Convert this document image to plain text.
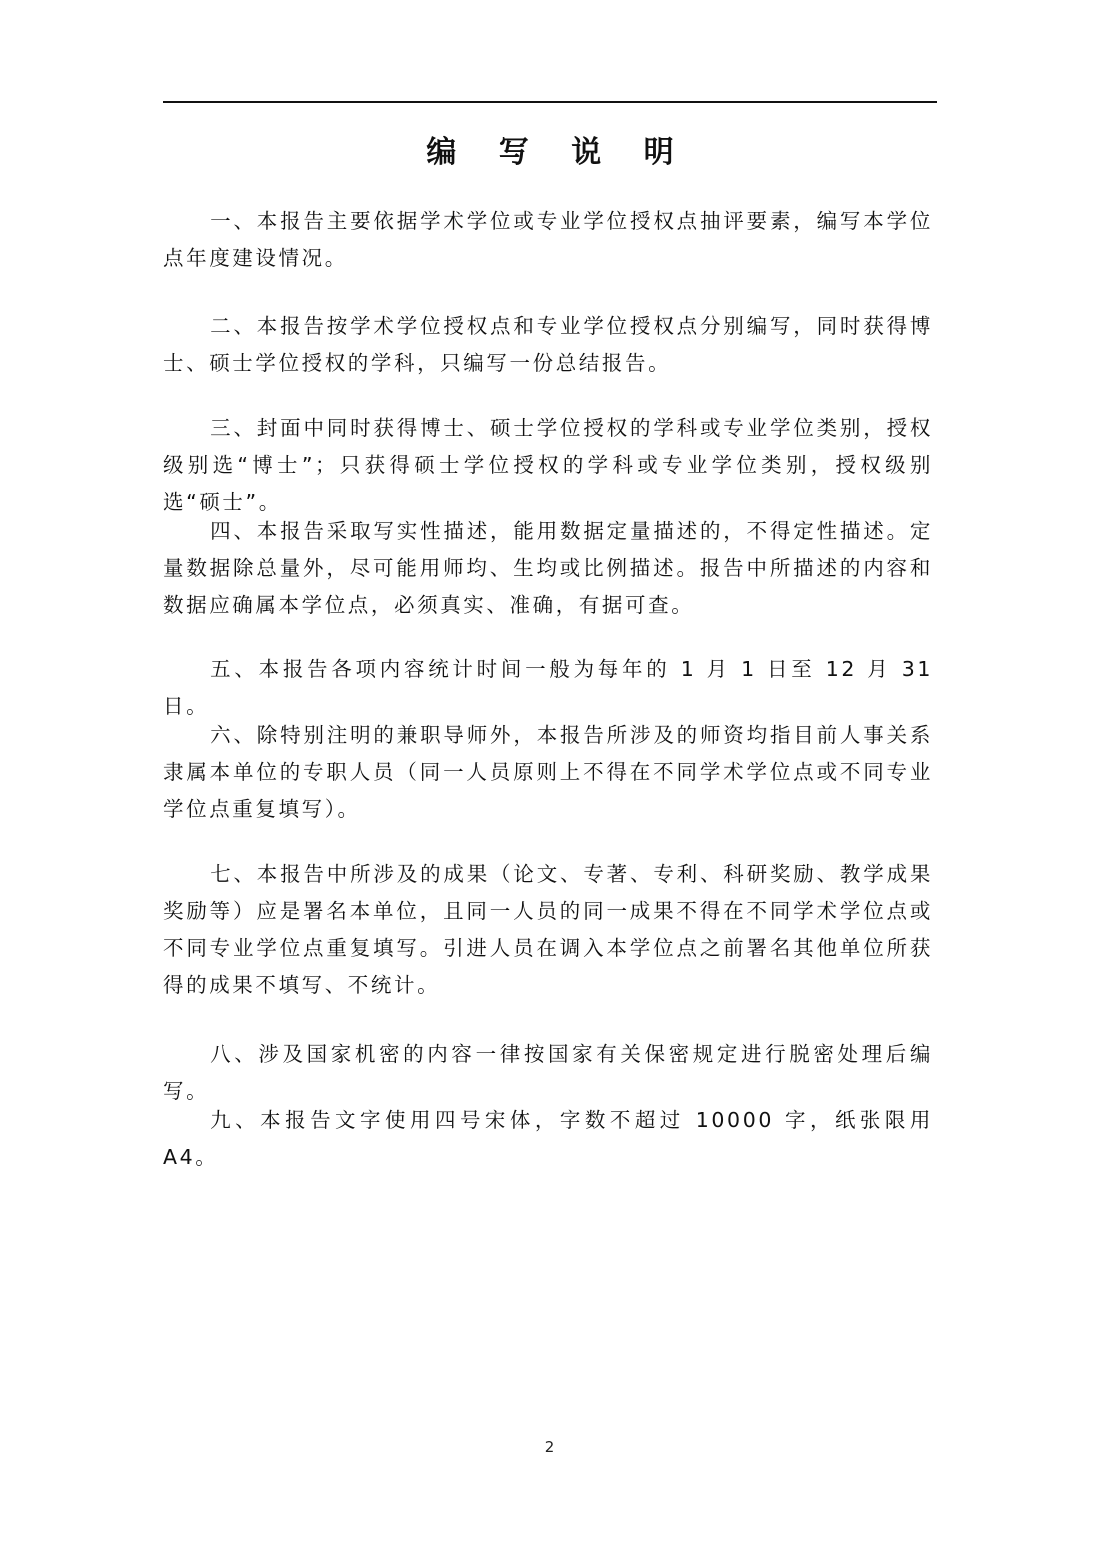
编 写 说 明

一、本报告主要依据学术学位或专业学位授权点抽评要素，编写本学位点年度建设情况。

二、本报告按学术学位授权点和专业学位授权点分别编写，同时获得博士、硕士学位授权的学科，只编写一份总结报告。

三、封面中同时获得博士、硕士学位授权的学科或专业学位类别，授权级别选“博士”；只获得硕士学位授权的学科或专业学位类别，授权级别选“硕士”。

四、本报告采取写实性描述，能用数据定量描述的，不得定性描述。定量数据除总量外，尽可能用师均、生均或比例描述。报告中所描述的内容和数据应确属本学位点，必须真实、准确，有据可查。

五、本报告各项内容统计时间一般为每年的 1 月 1 日至 12 月 31 日。

六、除特别注明的兼职导师外，本报告所涉及的师资均指目前人事关系隶属本单位的专职人员（同一人员原则上不得在不同学术学位点或不同专业学位点重复填写）。

七、本报告中所涉及的成果（论文、专著、专利、科研奖励、教学成果奖励等）应是署名本单位，且同一人员的同一成果不得在不同学术学位点或不同专业学位点重复填写。引进人员在调入本学位点之前署名其他单位所获得的成果不填写、不统计。

八、涉及国家机密的内容一律按国家有关保密规定进行脱密处理后编写。

九、本报告文字使用四号宋体，字数不超过 10000 字，纸张限用 A4。

2
